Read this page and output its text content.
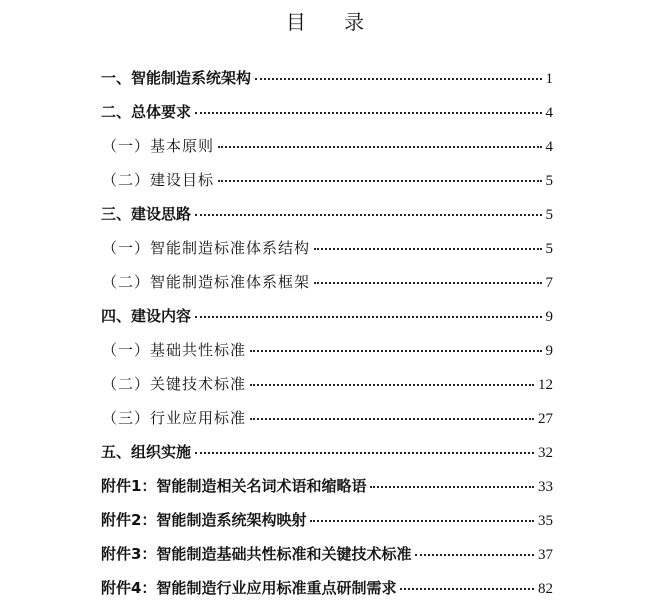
目 录
一、智能制造系统架构	1
二、总体要求	4
（一）基本原则	4
（二）建设目标	5
三、建设思路	5
（一）智能制造标准体系结构	5
（二）智能制造标准体系框架	7
四、建设内容	9
（一）基础共性标准	9
（二）关键技术标准	12
（三）行业应用标准	27
五、组织实施	32
附件1：智能制造相关名词术语和缩略语	33
附件2：智能制造系统架构映射	35
附件3：智能制造基础共性标准和关键技术标准	37
附件4：智能制造行业应用标准重点研制需求	82
